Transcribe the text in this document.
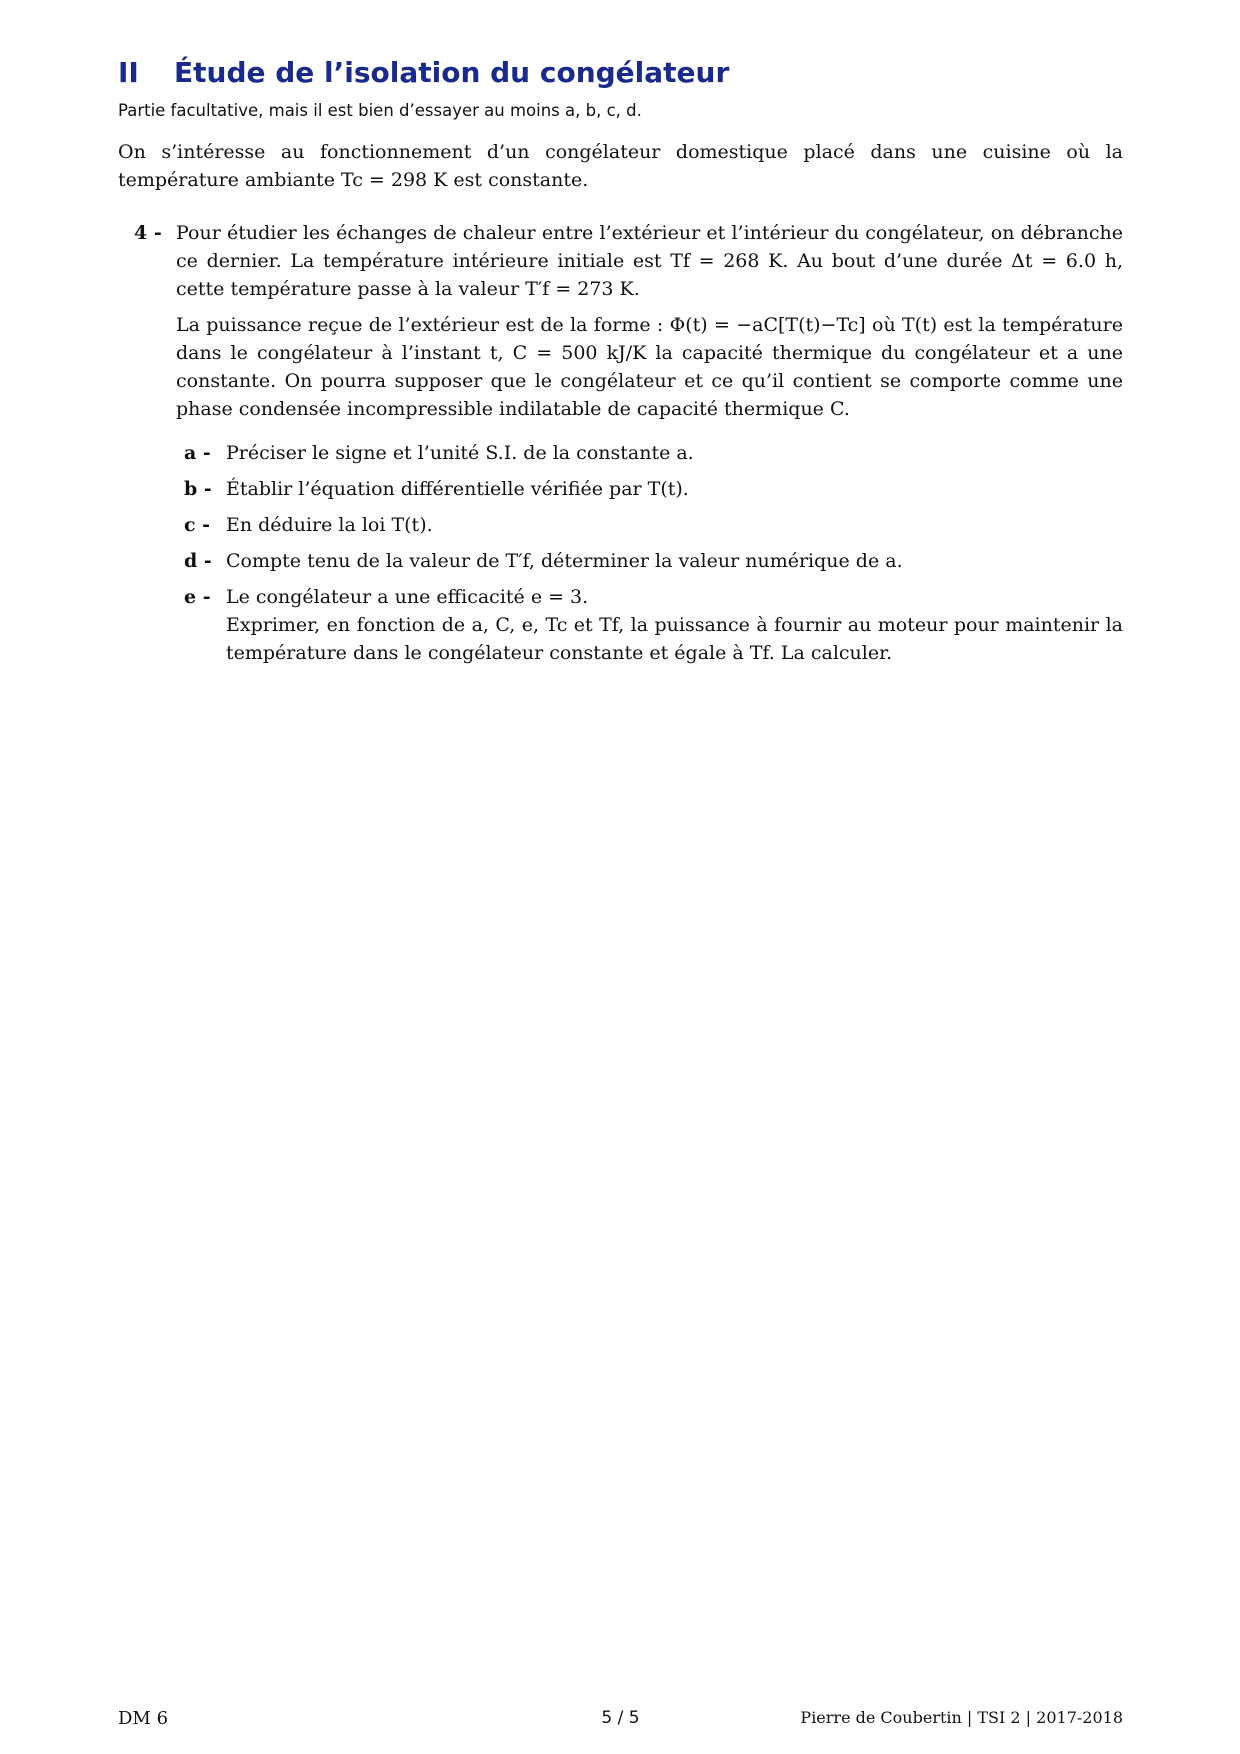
II Étude de l’isolation du congélateur

Partie facultative, mais il est bien d’essayer au moins a, b, c, d.

On s’intéresse au fonctionnement d’un congélateur domestique placé dans une cuisine où la température ambiante Tc = 298 K est constante.

4 - Pour étudier les échanges de chaleur entre l’extérieur et l’intérieur du congélateur, on débranche ce dernier. La température intérieure initiale est Tf = 268 K. Au bout d’une durée Δt = 6.0 h, cette température passe à la valeur T′f = 273 K.

La puissance reçue de l’extérieur est de la forme : Φ(t) = −aC[T(t)−Tc] où T(t) est la température dans le congélateur à l’instant t, C = 500 kJ/K la capacité thermique du congélateur et a une constante. On pourra supposer que le congélateur et ce qu’il contient se comporte comme une phase condensée incompressible indilatable de capacité thermique C.

a - Préciser le signe et l’unité S.I. de la constante a.

b - Établir l’équation différentielle vérifiée par T(t).

c - En déduire la loi T(t).

d - Compte tenu de la valeur de T′f, déterminer la valeur numérique de a.

e - Le congélateur a une efficacité e = 3.

Exprimer, en fonction de a, C, e, Tc et Tf, la puissance à fournir au moteur pour maintenir la température dans le congélateur constante et égale à Tf. La calculer.

DM 6	5 / 5	Pierre de Coubertin | TSI 2 | 2017-2018
